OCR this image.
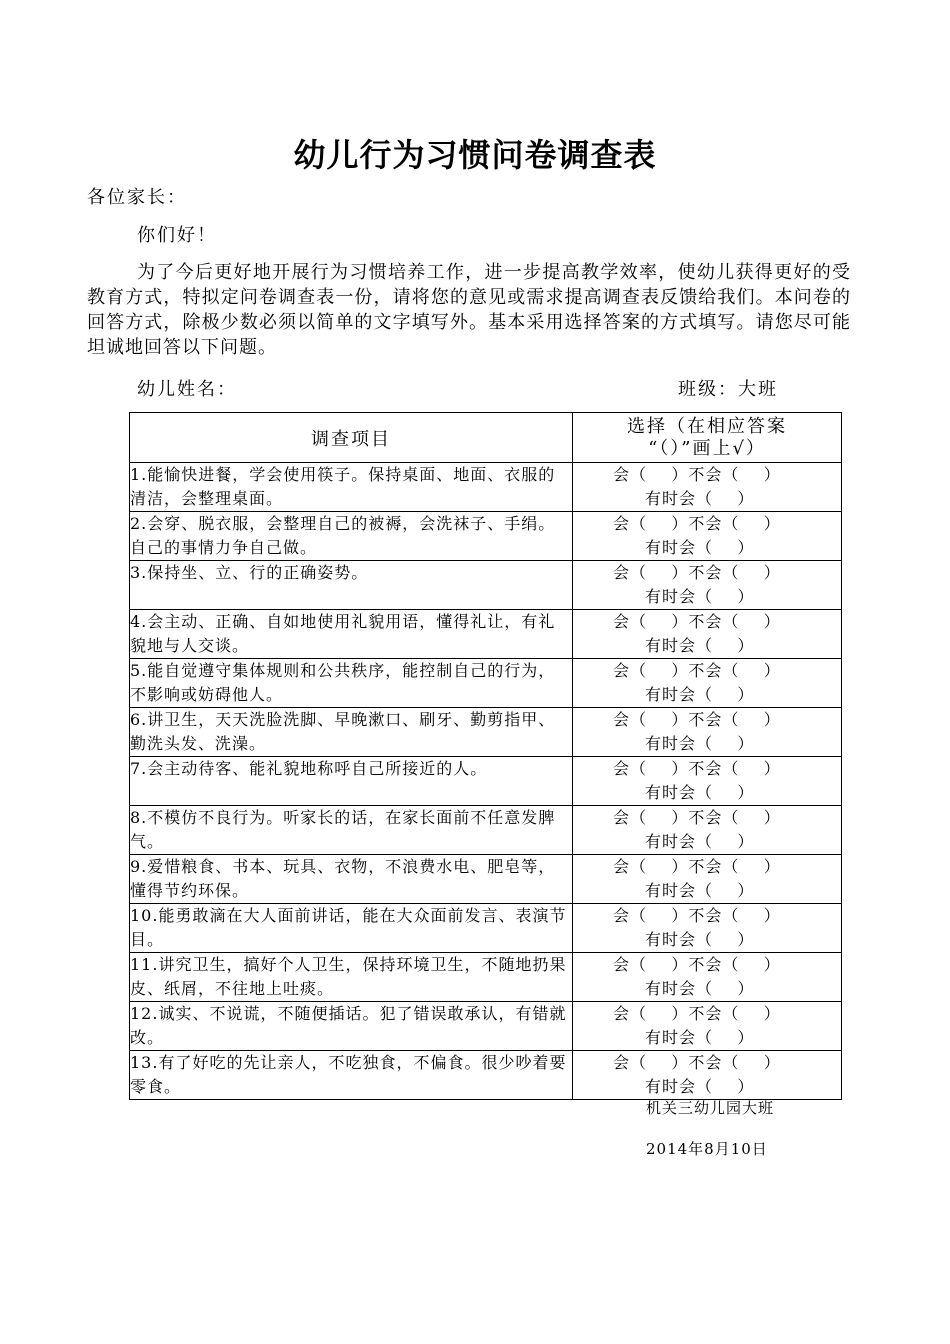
幼儿行为习惯问卷调查表
各位家长：
你们好！
为了今后更好地开展行为习惯培养工作，进一步提高教学效率，使幼儿获得更好的受教育方式，特拟定问卷调查表一份，请将您的意见或需求提高调查表反馈给我们。本问卷的回答方式，除极少数必须以简单的文字填写外。基本采用选择答案的方式填写。请您尽可能坦诚地回答以下问题。
幼儿姓名：	班级：大班
调查项目	选择（在相应答案
“（）”画上√）

1.能愉快进餐，学会使用筷子。保持桌面、地面、衣服的清洁，会整理桌面。	会（    ）不会（    ）
有时会（    ）

2.会穿、脱衣服，会整理自己的被褥，会洗袜子、手绢。自己的事情力争自己做。	会（    ）不会（    ）
有时会（    ）

3.保持坐、立、行的正确姿势。	会（    ）不会（    ）
有时会（    ）

4.会主动、正确、自如地使用礼貌用语，懂得礼让，有礼貌地与人交谈。	会（    ）不会（    ）
有时会（    ）

5.能自觉遵守集体规则和公共秩序，能控制自己的行为，不影响或妨碍他人。	会（    ）不会（    ）
有时会（    ）

6.讲卫生，天天洗脸洗脚、早晚漱口、刷牙、勤剪指甲、勤洗头发、洗澡。	会（    ）不会（    ）
有时会（    ）

7.会主动待客、能礼貌地称呼自己所接近的人。	会（    ）不会（    ）
有时会（    ）

8.不模仿不良行为。听家长的话，在家长面前不任意发脾气。	会（    ）不会（    ）
有时会（    ）

9.爱惜粮食、书本、玩具、衣物，不浪费水电、肥皂等，懂得节约环保。	会（    ）不会（    ）
有时会（    ）

10.能勇敢滴在大人面前讲话，能在大众面前发言、表演节目。	会（    ）不会（    ）
有时会（    ）

11.讲究卫生，搞好个人卫生，保持环境卫生，不随地扔果皮、纸屑，不往地上吐痰。	会（    ）不会（    ）
有时会（    ）

12.诚实、不说谎，不随便插话。犯了错误敢承认，有错就改。	会（    ）不会（    ）
有时会（    ）

13.有了好吃的先让亲人，不吃独食，不偏食。很少吵着要零食。	会（    ）不会（    ）
有时会（    ）
机关三幼儿园大班
2014年8月10日
